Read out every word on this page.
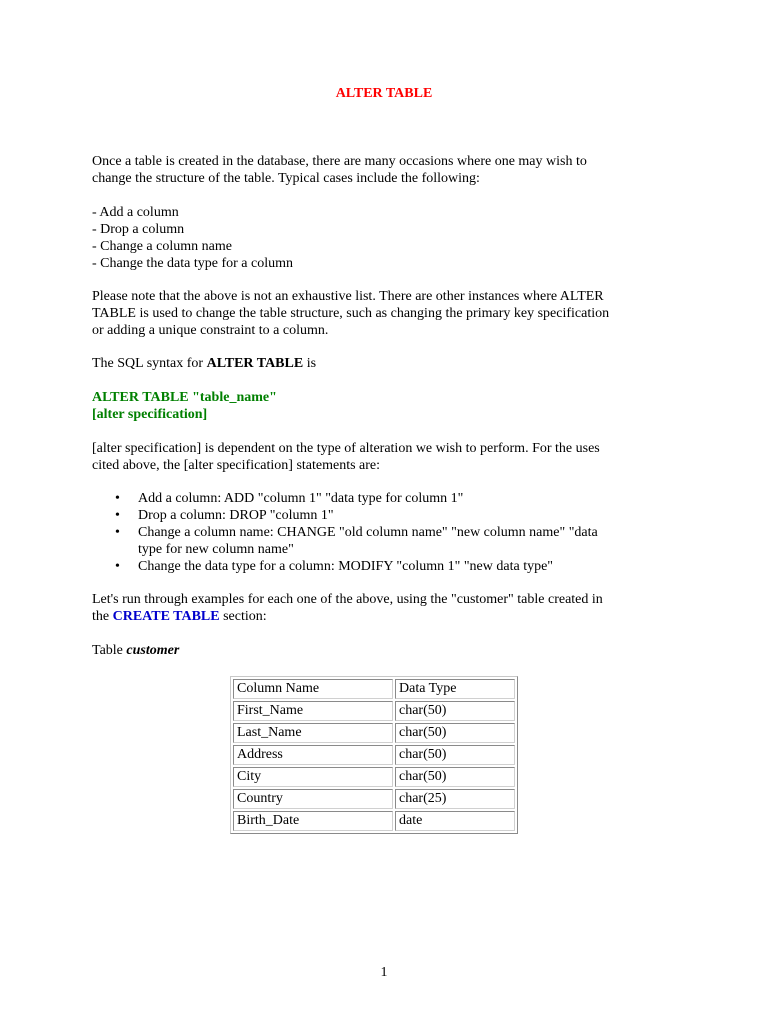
ALTER TABLE
Once a table is created in the database, there are many occasions where one may wish to
change the structure of the table. Typical cases include the following:
- Add a column
- Drop a column
- Change a column name
- Change the data type for a column
Please note that the above is not an exhaustive list. There are other instances where ALTER
TABLE is used to change the table structure, such as changing the primary key specification
or adding a unique constraint to a column.
The SQL syntax for ALTER TABLE is
ALTER TABLE "table_name"
[alter specification]
[alter specification] is dependent on the type of alteration we wish to perform. For the uses
cited above, the [alter specification] statements are:
• Add a column: ADD "column 1" "data type for column 1"
• Drop a column: DROP "column 1"
• Change a column name: CHANGE "old column name" "new column name" "data
type for new column name"
• Change the data type for a column: MODIFY "column 1" "new data type"
Let's run through examples for each one of the above, using the "customer" table created in
the CREATE TABLE section:
Table customer
Column Name	Data Type
First_Name	char(50)
Last_Name	char(50)
Address	char(50)
City	char(50)
Country	char(25)
Birth_Date	date
1
